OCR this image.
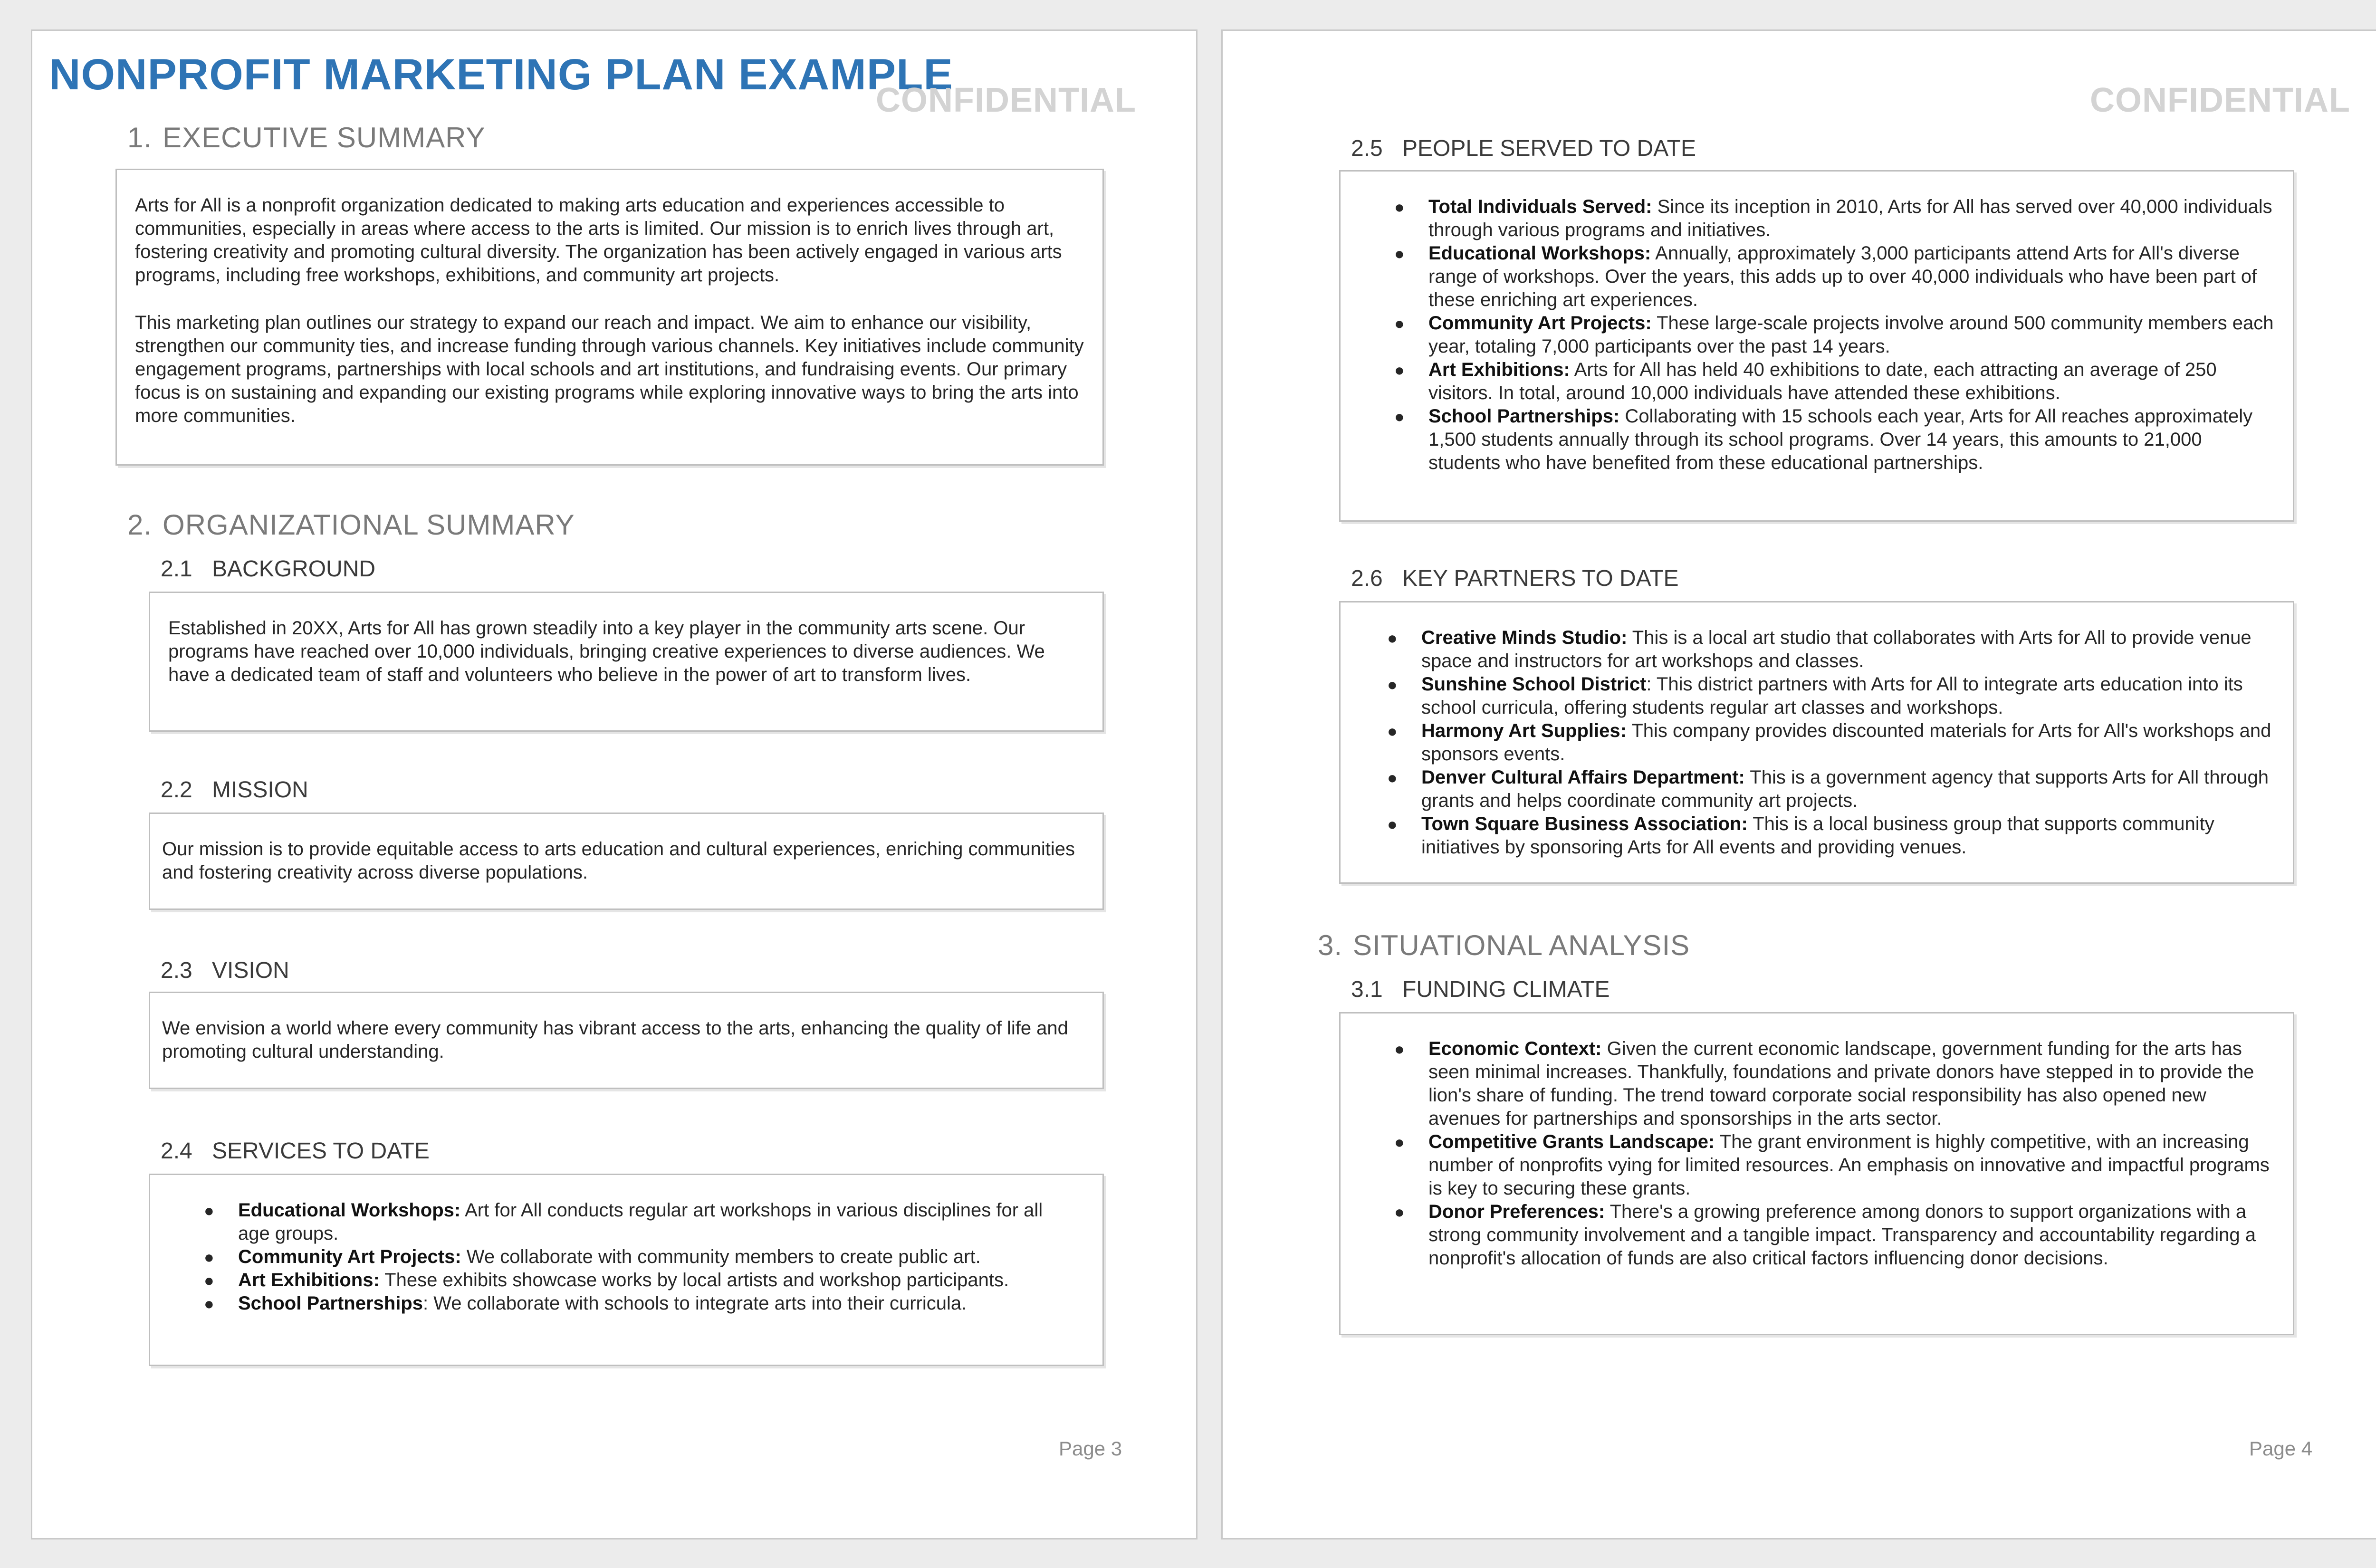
NONPROFIT MARKETING PLAN EXAMPLE
CONFIDENTIAL
1. EXECUTIVE SUMMARY

Arts for All is a nonprofit organization dedicated to making arts education and experiences accessible to communities, especially in areas where access to the arts is limited. Our mission is to enrich lives through art, fostering creativity and promoting cultural diversity. The organization has been actively engaged in various arts programs, including free workshops, exhibitions, and community art projects.

This marketing plan outlines our strategy to expand our reach and impact. We aim to enhance our visibility, strengthen our community ties, and increase funding through various channels. Key initiatives include community engagement programs, partnerships with local schools and art institutions, and fundraising events. Our primary focus is on sustaining and expanding our existing programs while exploring innovative ways to bring the arts into more communities.

2. ORGANIZATIONAL SUMMARY
2.1 BACKGROUND

Established in 20XX, Arts for All has grown steadily into a key player in the community arts scene. Our programs have reached over 10,000 individuals, bringing creative experiences to diverse audiences. We have a dedicated team of staff and volunteers who believe in the power of art to transform lives.

2.2 MISSION

Our mission is to provide equitable access to arts education and cultural experiences, enriching communities and fostering creativity across diverse populations.

2.3 VISION

We envision a world where every community has vibrant access to the arts, enhancing the quality of life and promoting cultural understanding.

2.4 SERVICES TO DATE
● Educational Workshops: Art for All conducts regular art workshops in various disciplines for all age groups.
● Community Art Projects: We collaborate with community members to create public art.
● Art Exhibitions: These exhibits showcase works by local artists and workshop participants.
● School Partnerships: We collaborate with schools to integrate arts into their curricula.
Page 3
CONFIDENTIAL
2.5 PEOPLE SERVED TO DATE
● Total Individuals Served: Since its inception in 2010, Arts for All has served over 40,000 individuals through various programs and initiatives.
● Educational Workshops: Annually, approximately 3,000 participants attend Arts for All's diverse range of workshops. Over the years, this adds up to over 40,000 individuals who have been part of these enriching art experiences.
● Community Art Projects: These large-scale projects involve around 500 community members each year, totaling 7,000 participants over the past 14 years.
● Art Exhibitions: Arts for All has held 40 exhibitions to date, each attracting an average of 250 visitors. In total, around 10,000 individuals have attended these exhibitions.
● School Partnerships: Collaborating with 15 schools each year, Arts for All reaches approximately 1,500 students annually through its school programs. Over 14 years, this amounts to 21,000 students who have benefited from these educational partnerships.
2.6 KEY PARTNERS TO DATE
● Creative Minds Studio: This is a local art studio that collaborates with Arts for All to provide venue space and instructors for art workshops and classes.
● Sunshine School District: This district partners with Arts for All to integrate arts education into its school curricula, offering students regular art classes and workshops.
● Harmony Art Supplies: This company provides discounted materials for Arts for All's workshops and sponsors events.
● Denver Cultural Affairs Department: This is a government agency that supports Arts for All through grants and helps coordinate community art projects.
● Town Square Business Association: This is a local business group that supports community initiatives by sponsoring Arts for All events and providing venues.
3. SITUATIONAL ANALYSIS
3.1 FUNDING CLIMATE
● Economic Context: Given the current economic landscape, government funding for the arts has seen minimal increases. Thankfully, foundations and private donors have stepped in to provide the lion's share of funding. The trend toward corporate social responsibility has also opened new avenues for partnerships and sponsorships in the arts sector.
● Competitive Grants Landscape: The grant environment is highly competitive, with an increasing number of nonprofits vying for limited resources. An emphasis on innovative and impactful programs is key to securing these grants.
● Donor Preferences: There's a growing preference among donors to support organizations with a strong community involvement and a tangible impact. Transparency and accountability regarding a nonprofit's allocation of funds are also critical factors influencing donor decisions.
Page 4
